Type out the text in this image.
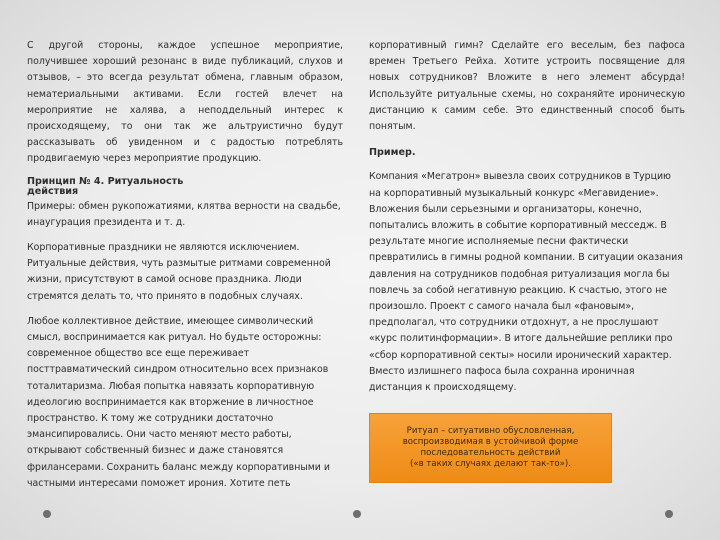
С другой стороны, каждое успешное мероприятие, получившее хороший резонанс в виде публикаций, слухов и отзывов, – это всегда результат обмена, главным образом, нематериальными активами. Если гостей влечет на мероприятие не халява, а неподдельный интерес к происходящему, то они так же альтруистично будут рассказывать об увиденном и с радостью потреблять продвигаемую через мероприятие продукцию.

Принцип № 4. Ритуальность действия

Примеры: обмен рукопожатиями, клятва верности на свадьбе, инаугурация президента и т. д.

Корпоративные праздники не являются исключением. Ритуальные действия, чуть размытые ритмами современной жизни, присутствуют в самой основе праздника. Люди стремятся делать то, что принято в подобных случаях.

Любое коллективное действие, имеющее символический смысл, воспринимается как ритуал. Но будьте осторожны: современное общество все еще переживает посттравматический синдром относительно всех признаков тоталитаризма. Любая попытка навязать корпоративную идеологию воспринимается как вторжение в личностное пространство. К тому же сотрудники достаточно эмансипировались. Они часто меняют место работы, открывают собственный бизнес и даже становятся фрилансерами. Сохранить баланс между корпоративными и частными интересами поможет ирония. Хотите петь

корпоративный гимн? Сделайте его веселым, без пафоса времен Третьего Рейха. Хотите устроить посвящение для новых сотрудников? Вложите в него элемент абсурда! Используйте ритуальные схемы, но сохраняйте ироническую дистанцию к самим себе. Это единственный способ быть понятым.

Пример.

Компания «Мегатрон» вывезла своих сотрудников в Турцию на корпоративный музыкальный конкурс «Мегавидение». Вложения были серьезными и организаторы, конечно, попытались вложить в событие корпоративный месседж. В результате многие исполняемые песни фактически превратились в гимны родной компании. В ситуации оказания давления на сотрудников подобная ритуализация могла бы повлечь за собой негативную реакцию. К счастью, этого не произошло. Проект с самого начала был «фановым», предполагал, что сотрудники отдохнут, а не прослушают «курс политинформации». В итоге дальнейшие реплики про «сбор корпоративной секты» носили иронический характер. Вместо излишнего пафоса была сохранна ироничная дистанция к происходящему.

Ритуал – ситуативно обусловленная,
воспроизводимая в устойчивой форме
последовательность действий
(«в таких случаях делают так-то»).
